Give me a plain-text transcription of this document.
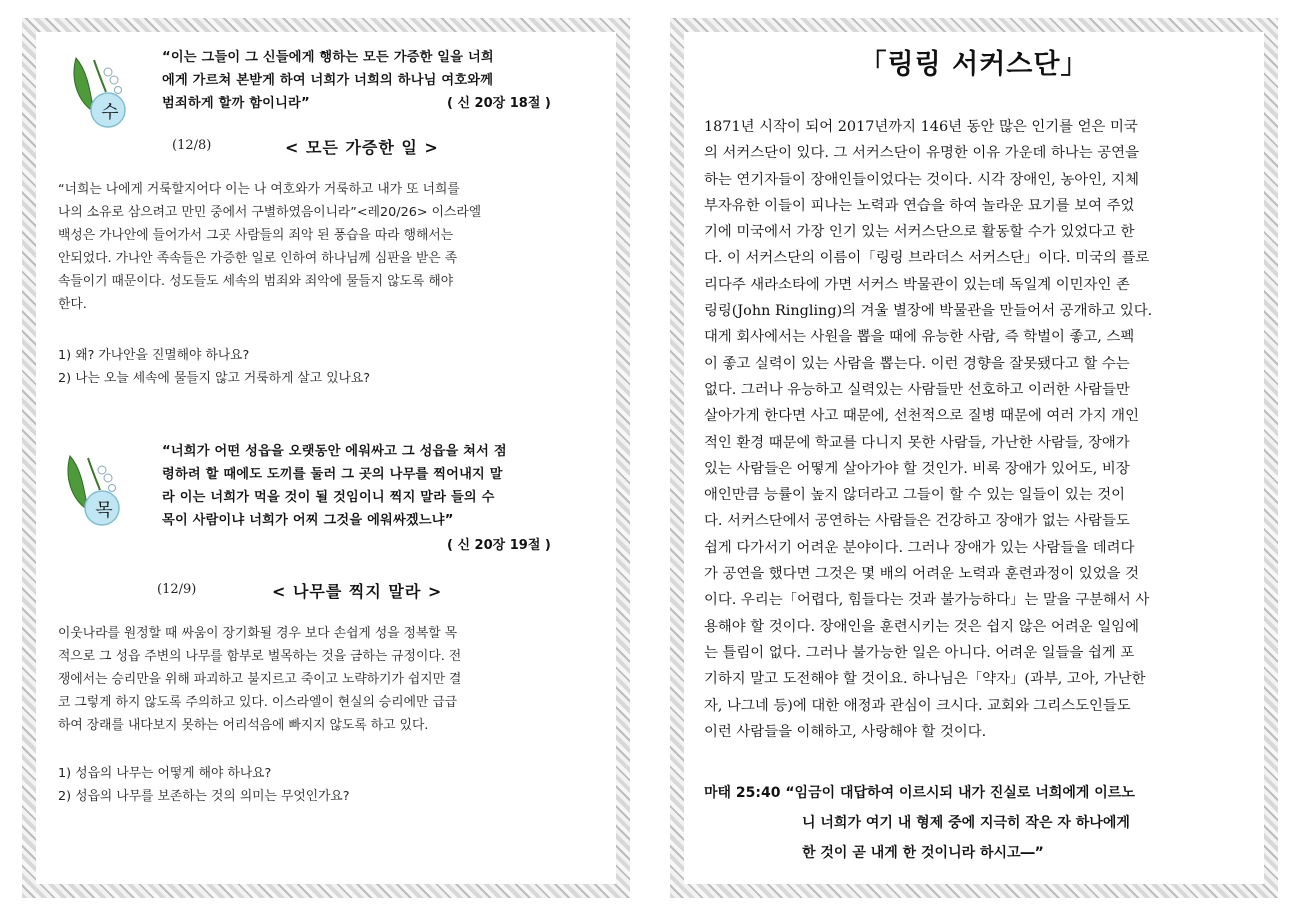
수
“이는 그들이 그 신들에게 행하는 모든 가증한 일을 너희
에게 가르쳐 본받게 하여 너희가 너희의 하나님 여호와께
범죄하게 할까 함이니라”	( 신 20장 18절 )
(12/8)	< 모든 가증한 일 >
“너희는 나에게 거룩할지어다 이는 나 여호와가 거룩하고 내가 또 너희를
나의 소유로 삼으려고 만민 중에서 구별하였음이니라”<레20/26> 이스라엘
백성은 가나안에 들어가서 그곳 사람들의 죄악 된 풍습을 따라 행해서는
안되었다. 가나안 족속들은 가증한 일로 인하여 하나님께 심판을 받은 족
속들이기 때문이다. 성도들도 세속의 범죄와 죄악에 물들지 않도록 해야
한다.
1) 왜? 가나안을 진멸해야 하나요?
2) 나는 오늘 세속에 물들지 않고 거룩하게 살고 있나요?
목
“너희가 어떤 성읍을 오랫동안 에워싸고 그 성읍을 쳐서 점
령하려 할 때에도 도끼를 둘러 그 곳의 나무를 찍어내지 말
라 이는 너희가 먹을 것이 될 것임이니 찍지 말라 들의 수
목이 사람이냐 너희가 어찌 그것을 에워싸겠느냐”
( 신 20장 19절 )
(12/9)	< 나무를 찍지 말라 >
이웃나라를 원정할 때 싸움이 장기화될 경우 보다 손쉽게 성을 정복할 목
적으로 그 성읍 주변의 나무를 함부로 벌목하는 것을 금하는 규정이다. 전
쟁에서는 승리만을 위해 파괴하고 불지르고 죽이고 노략하기가 쉽지만 결
코 그렇게 하지 않도록 주의하고 있다. 이스라엘이 현실의 승리에만 급급
하여 장래를 내다보지 못하는 어리석음에 빠지지 않도록 하고 있다.
1) 성읍의 나무는 어떻게 해야 하나요?
2) 성읍의 나무를 보존하는 것의 의미는 무엇인가요?
「링링 서커스단」

1871년 시작이 되어 2017년까지 146년 동안 많은 인기를 얻은 미국

의 서커스단이 있다. 그 서커스단이 유명한 이유 가운데 하나는 공연을

하는 연기자들이 장애인들이었다는 것이다. 시각 장애인, 농아인, 지체

부자유한 이들이 피나는 노력과 연습을 하여 놀라운 묘기를 보여 주었

기에 미국에서 가장 인기 있는 서커스단으로 활동할 수가 있었다고 한

다. 이 서커스단의 이름이「링링 브라더스 서커스단」이다. 미국의 플로

리다주 새라소타에 가면 서커스 박물관이 있는데 독일계 이민자인 존

링링(John Ringling)의 겨울 별장에 박물관을 만들어서 공개하고 있다.

대게 회사에서는 사원을 뽑을 때에 유능한 사람, 즉 학벌이 좋고, 스펙

이 좋고 실력이 있는 사람을 뽑는다. 이런 경향을 잘못됐다고 할 수는

없다. 그러나 유능하고 실력있는 사람들만 선호하고 이러한 사람들만

살아가게 한다면 사고 때문에, 선천적으로 질병 때문에 여러 가지 개인

적인 환경 때문에 학교를 다니지 못한 사람들, 가난한 사람들, 장애가

있는 사람들은 어떻게 살아가야 할 것인가. 비록 장애가 있어도, 비장

애인만큼 능률이 높지 않더라고 그들이 할 수 있는 일들이 있는 것이

다. 서커스단에서 공연하는 사람들은 건강하고 장애가 없는 사람들도

쉽게 다가서기 어려운 분야이다. 그러나 장애가 있는 사람들을 데려다

가 공연을 했다면 그것은 몇 배의 어려운 노력과 훈련과정이 있었을 것

이다. 우리는「어렵다, 힘들다는 것과 불가능하다」는 말을 구분해서 사

용해야 할 것이다. 장애인을 훈련시키는 것은 쉽지 않은 어려운 일임에

는 틀림이 없다. 그러나 불가능한 일은 아니다. 어려운 일들을 쉽게 포

기하지 말고 도전해야 할 것이요. 하나님은「약자」(과부, 고아, 가난한

자, 나그네 등)에 대한 애정과 관심이 크시다. 교회와 그리스도인들도

이런 사람들을 이해하고, 사랑해야 할 것이다.

마태 25:40 “임금이 대답하여 이르시되 내가 진실로 너희에게 이르노
니 너희가 여기 내 형제 중에 지극히 작은 자 하나에게
한 것이 곧 내게 한 것이니라 하시고―”
